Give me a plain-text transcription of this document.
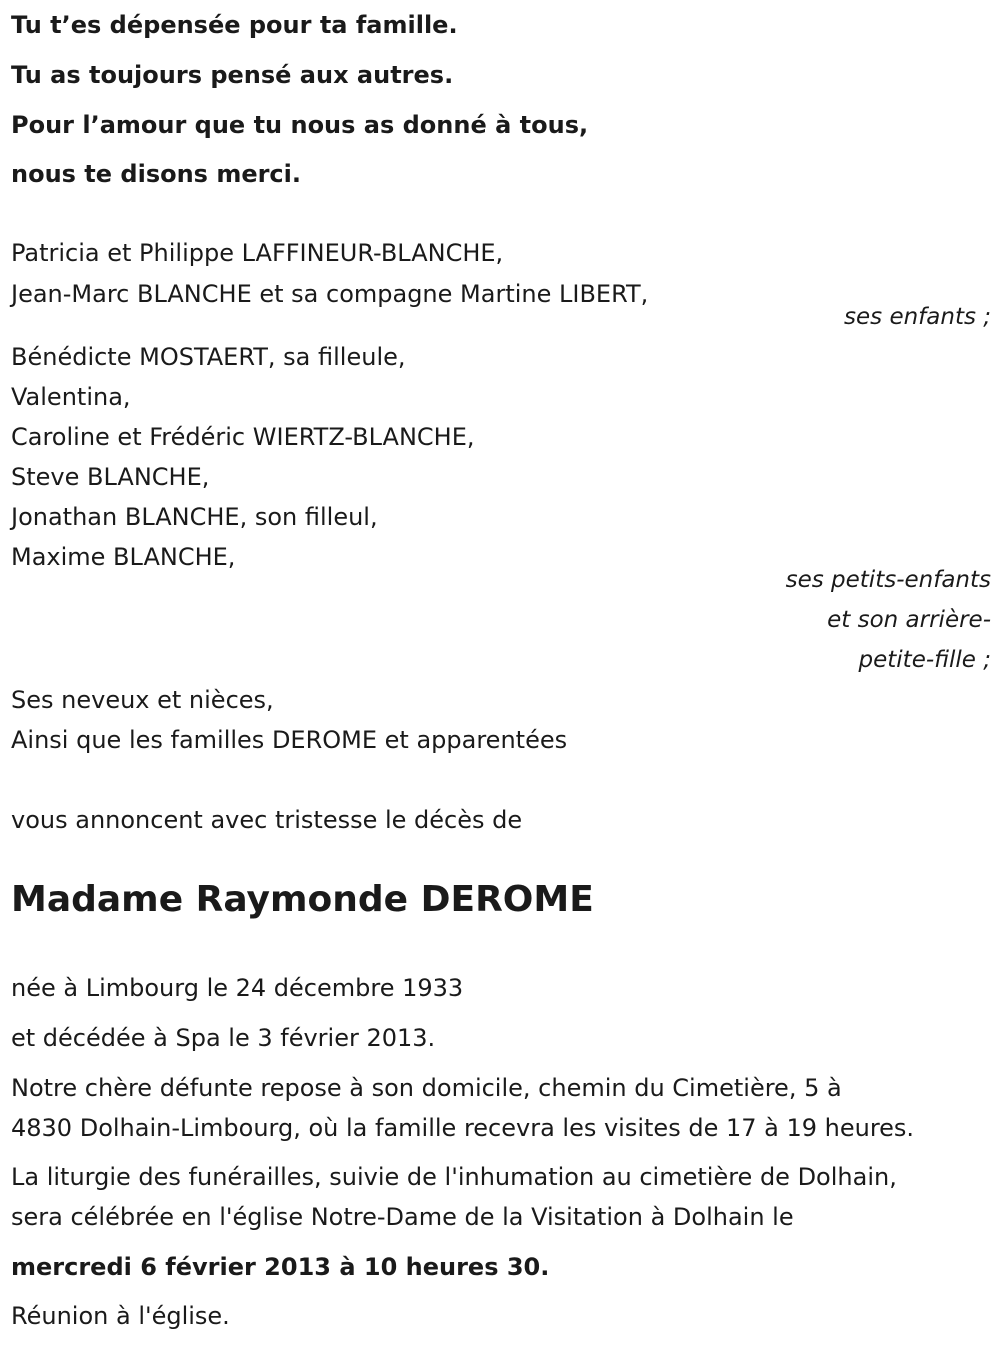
Tu t’es dépensée pour ta famille.
Tu as toujours pensé aux autres.
Pour l’amour que tu nous as donné à tous,
nous te disons merci.
Patricia et Philippe LAFFINEUR-BLANCHE,
Jean-Marc BLANCHE et sa compagne Martine LIBERT,
ses enfants ;
Bénédicte MOSTAERT, sa filleule,
Valentina,
Caroline et Frédéric WIERTZ-BLANCHE,
Steve BLANCHE,
Jonathan BLANCHE, son filleul,
Maxime BLANCHE,
ses petits-enfants
et son arrière-
petite-fille ;
Ses neveux et nièces,
Ainsi que les familles DEROME et apparentées
vous annoncent avec tristesse le décès de
Madame Raymonde DEROME
née à Limbourg le 24 décembre 1933
et décédée à Spa le 3 février 2013.
Notre chère défunte repose à son domicile, chemin du Cimetière, 5 à
4830 Dolhain-Limbourg, où la famille recevra les visites de 17 à 19 heures.
La liturgie des funérailles, suivie de l'inhumation au cimetière de Dolhain,
sera célébrée en l'église Notre-Dame de la Visitation à Dolhain le
mercredi 6 février 2013 à 10 heures 30.
Réunion à l'église.
